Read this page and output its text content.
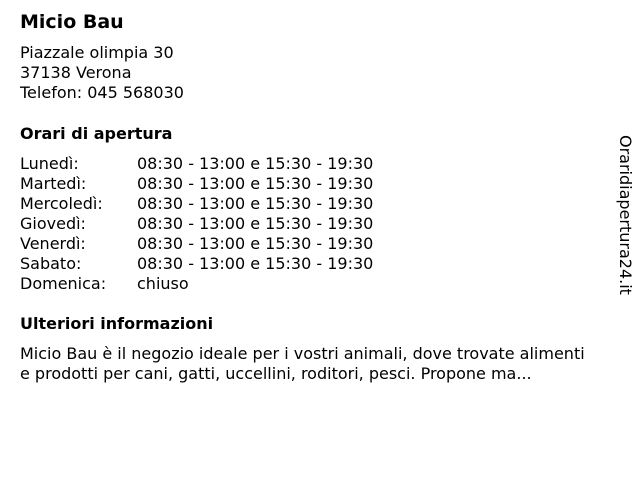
Micio Bau
Piazzale olimpia 30
37138 Verona
Telefon: 045 568030
Orari di apertura
Lunedì:	08:30 - 13:00 e 15:30 - 19:30
Martedì:	08:30 - 13:00 e 15:30 - 19:30
Mercoledì: 08:30 - 13:00 e 15:30 - 19:30
Giovedì:	08:30 - 13:00 e 15:30 - 19:30
Venerdì:	08:30 - 13:00 e 15:30 - 19:30
Sabato:	08:30 - 13:00 e 15:30 - 19:30
Domenica: chiuso
Ulteriori informazioni
Micio Bau è il negozio ideale per i vostri animali, dove trovate alimenti e prodotti per cani, gatti, uccellini, roditori, pesci. Propone ma...
Oraridiapertura24.it
